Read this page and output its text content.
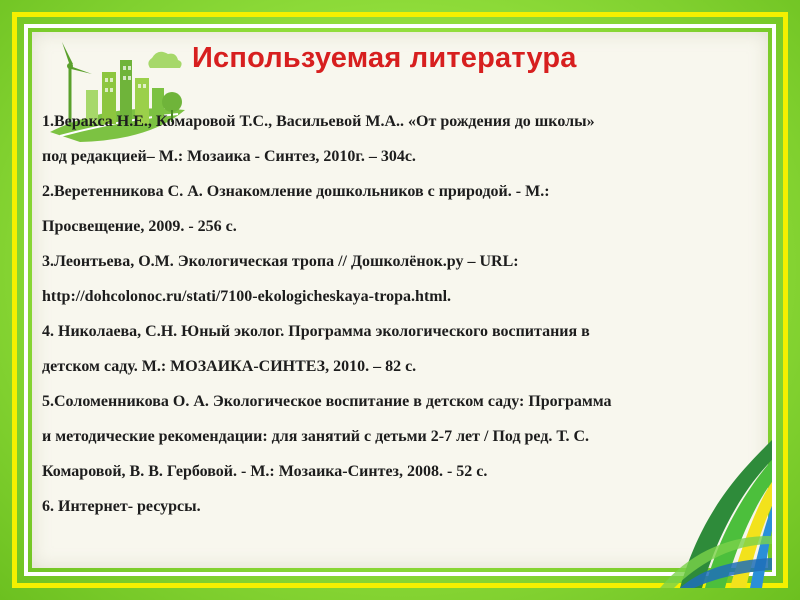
Используемая литература
1.Веракса Н.Е., Комаровой Т.С., Васильевой М.А.. «От рождения до школы»
под редакцией– М.: Мозаика - Синтез, 2010г. – 304с.
2.Веретенникова С. А. Ознакомление дошкольников с природой. - М.:
Просвещение, 2009. - 256 с.
3.Леонтьева, О.М. Экологическая тропа // Дошколёнок.ру – URL:
http://dohcolonoc.ru/stati/7100-ekologicheskaya-tropa.html.
4. Николаева, С.Н. Юный эколог. Программа экологического воспитания в
детском саду. М.: МОЗАИКА-СИНТЕЗ, 2010. – 82 с.
5.Соломенникова О. А. Экологическое воспитание в детском саду: Программа
и методические рекомендации: для занятий с детьми 2-7 лет / Под ред. Т. С.
Комаровой, В. В. Гербовой. - М.: Мозаика-Синтез, 2008. - 52 с.
6. Интернет- ресурсы.
